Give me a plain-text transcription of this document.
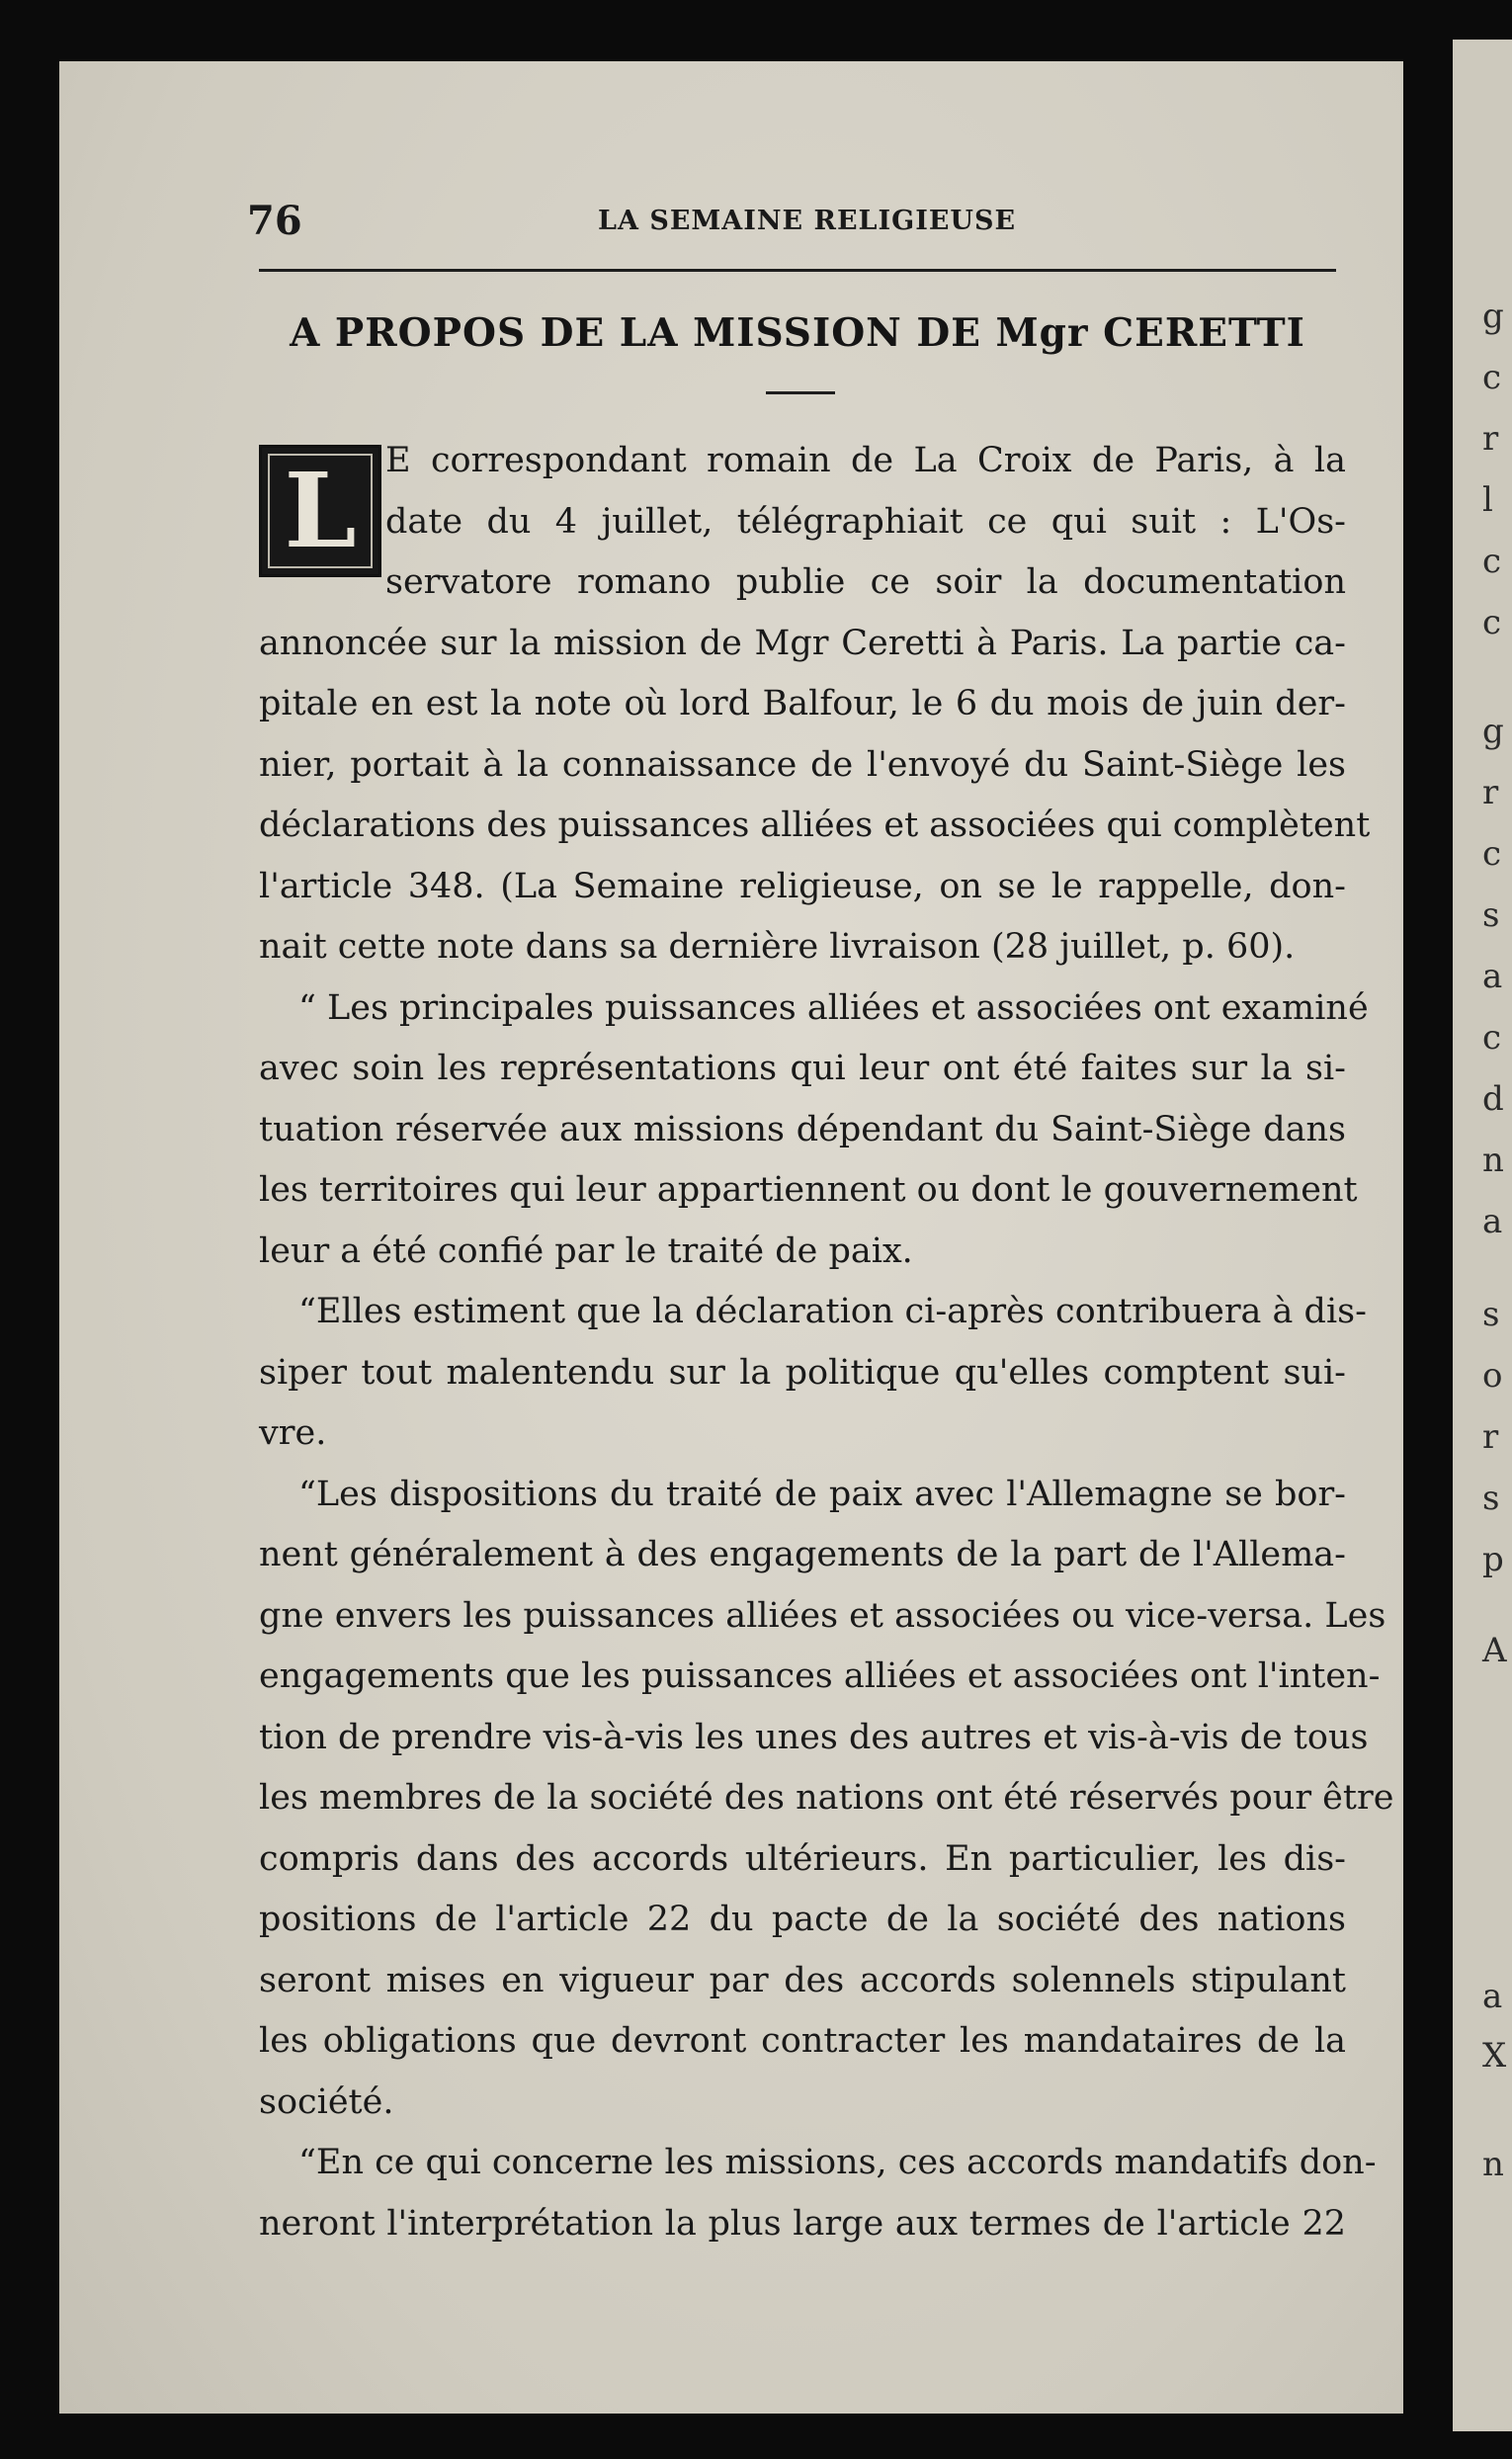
g
c
r
l
c
c
g
r
c
s
a
c
d
n
a
s
o
r
s
p
A
a
X
n
76	LA SEMAINE RELIGIEUSE
A PROPOS DE LA MISSION DE Mgr CERETTI
L E correspondant romain de La Croix de Paris, à la
date du 4 juillet, télégraphiait ce qui suit : L'Os-
servatore romano publie ce soir la documentation
annoncée sur la mission de Mgr Ceretti à Paris. La partie ca-
pitale en est la note où lord Balfour, le 6 du mois de juin der-
nier, portait à la connaissance de l'envoyé du Saint-Siège les
déclarations des puissances alliées et associées qui complètent
l'article 348. (La Semaine religieuse, on se le rappelle, don-
nait cette note dans sa dernière livraison (28 juillet, p. 60).
“ Les principales puissances alliées et associées ont examiné
avec soin les représentations qui leur ont été faites sur la si-
tuation réservée aux missions dépendant du Saint-Siège dans
les territoires qui leur appartiennent ou dont le gouvernement
leur a été confié par le traité de paix.
“Elles estiment que la déclaration ci-après contribuera à dis-
siper tout malentendu sur la politique qu'elles comptent sui-
vre.
“Les dispositions du traité de paix avec l'Allemagne se bor-
nent généralement à des engagements de la part de l'Allema-
gne envers les puissances alliées et associées ou vice-versa. Les
engagements que les puissances alliées et associées ont l'inten-
tion de prendre vis-à-vis les unes des autres et vis-à-vis de tous
les membres de la société des nations ont été réservés pour être
compris dans des accords ultérieurs. En particulier, les dis-
positions de l'article 22 du pacte de la société des nations
seront mises en vigueur par des accords solennels stipulant
les obligations que devront contracter les mandataires de la
société.
“En ce qui concerne les missions, ces accords mandatifs don-
neront l'interprétation la plus large aux termes de l'article 22
